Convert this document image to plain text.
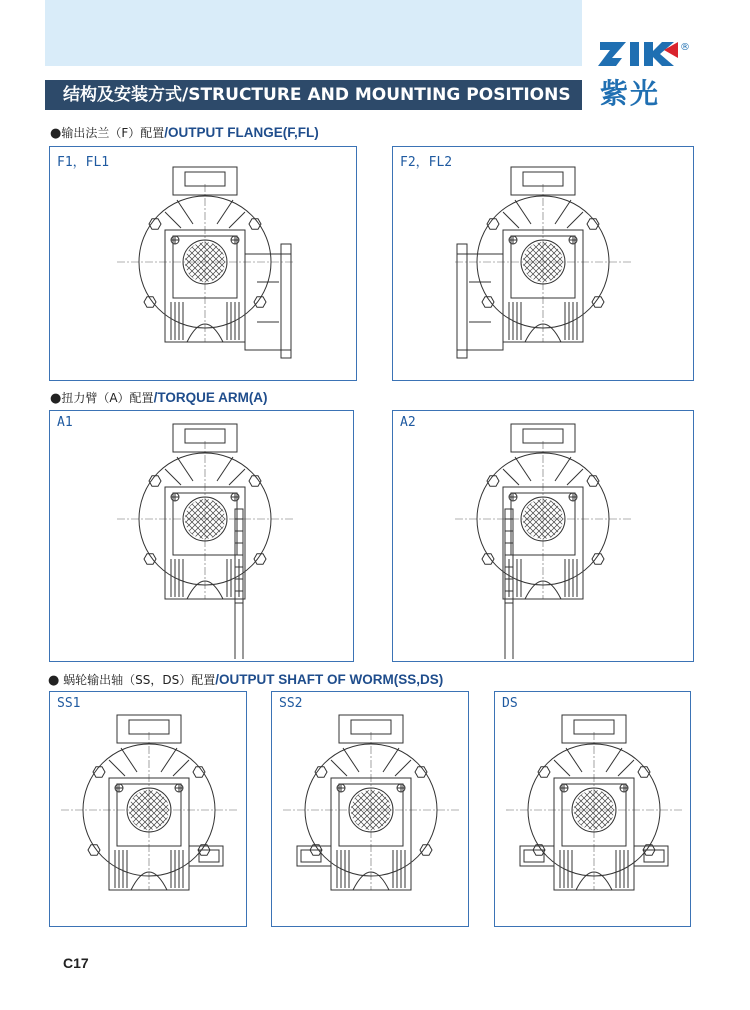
®
紫光
结构及安装方式/STRUCTURE AND MOUNTING POSITIONS
●输出法兰（F）配置/OUTPUT FLANGE(F,FL)
F1，FL1	F2，FL2
●扭力臂（A）配置/TORQUE ARM(A)
A1	A2
● 蜗轮输出轴（SS，DS）配置/OUTPUT SHAFT OF WORM(SS,DS)
SS1	SS2	DS
C17
